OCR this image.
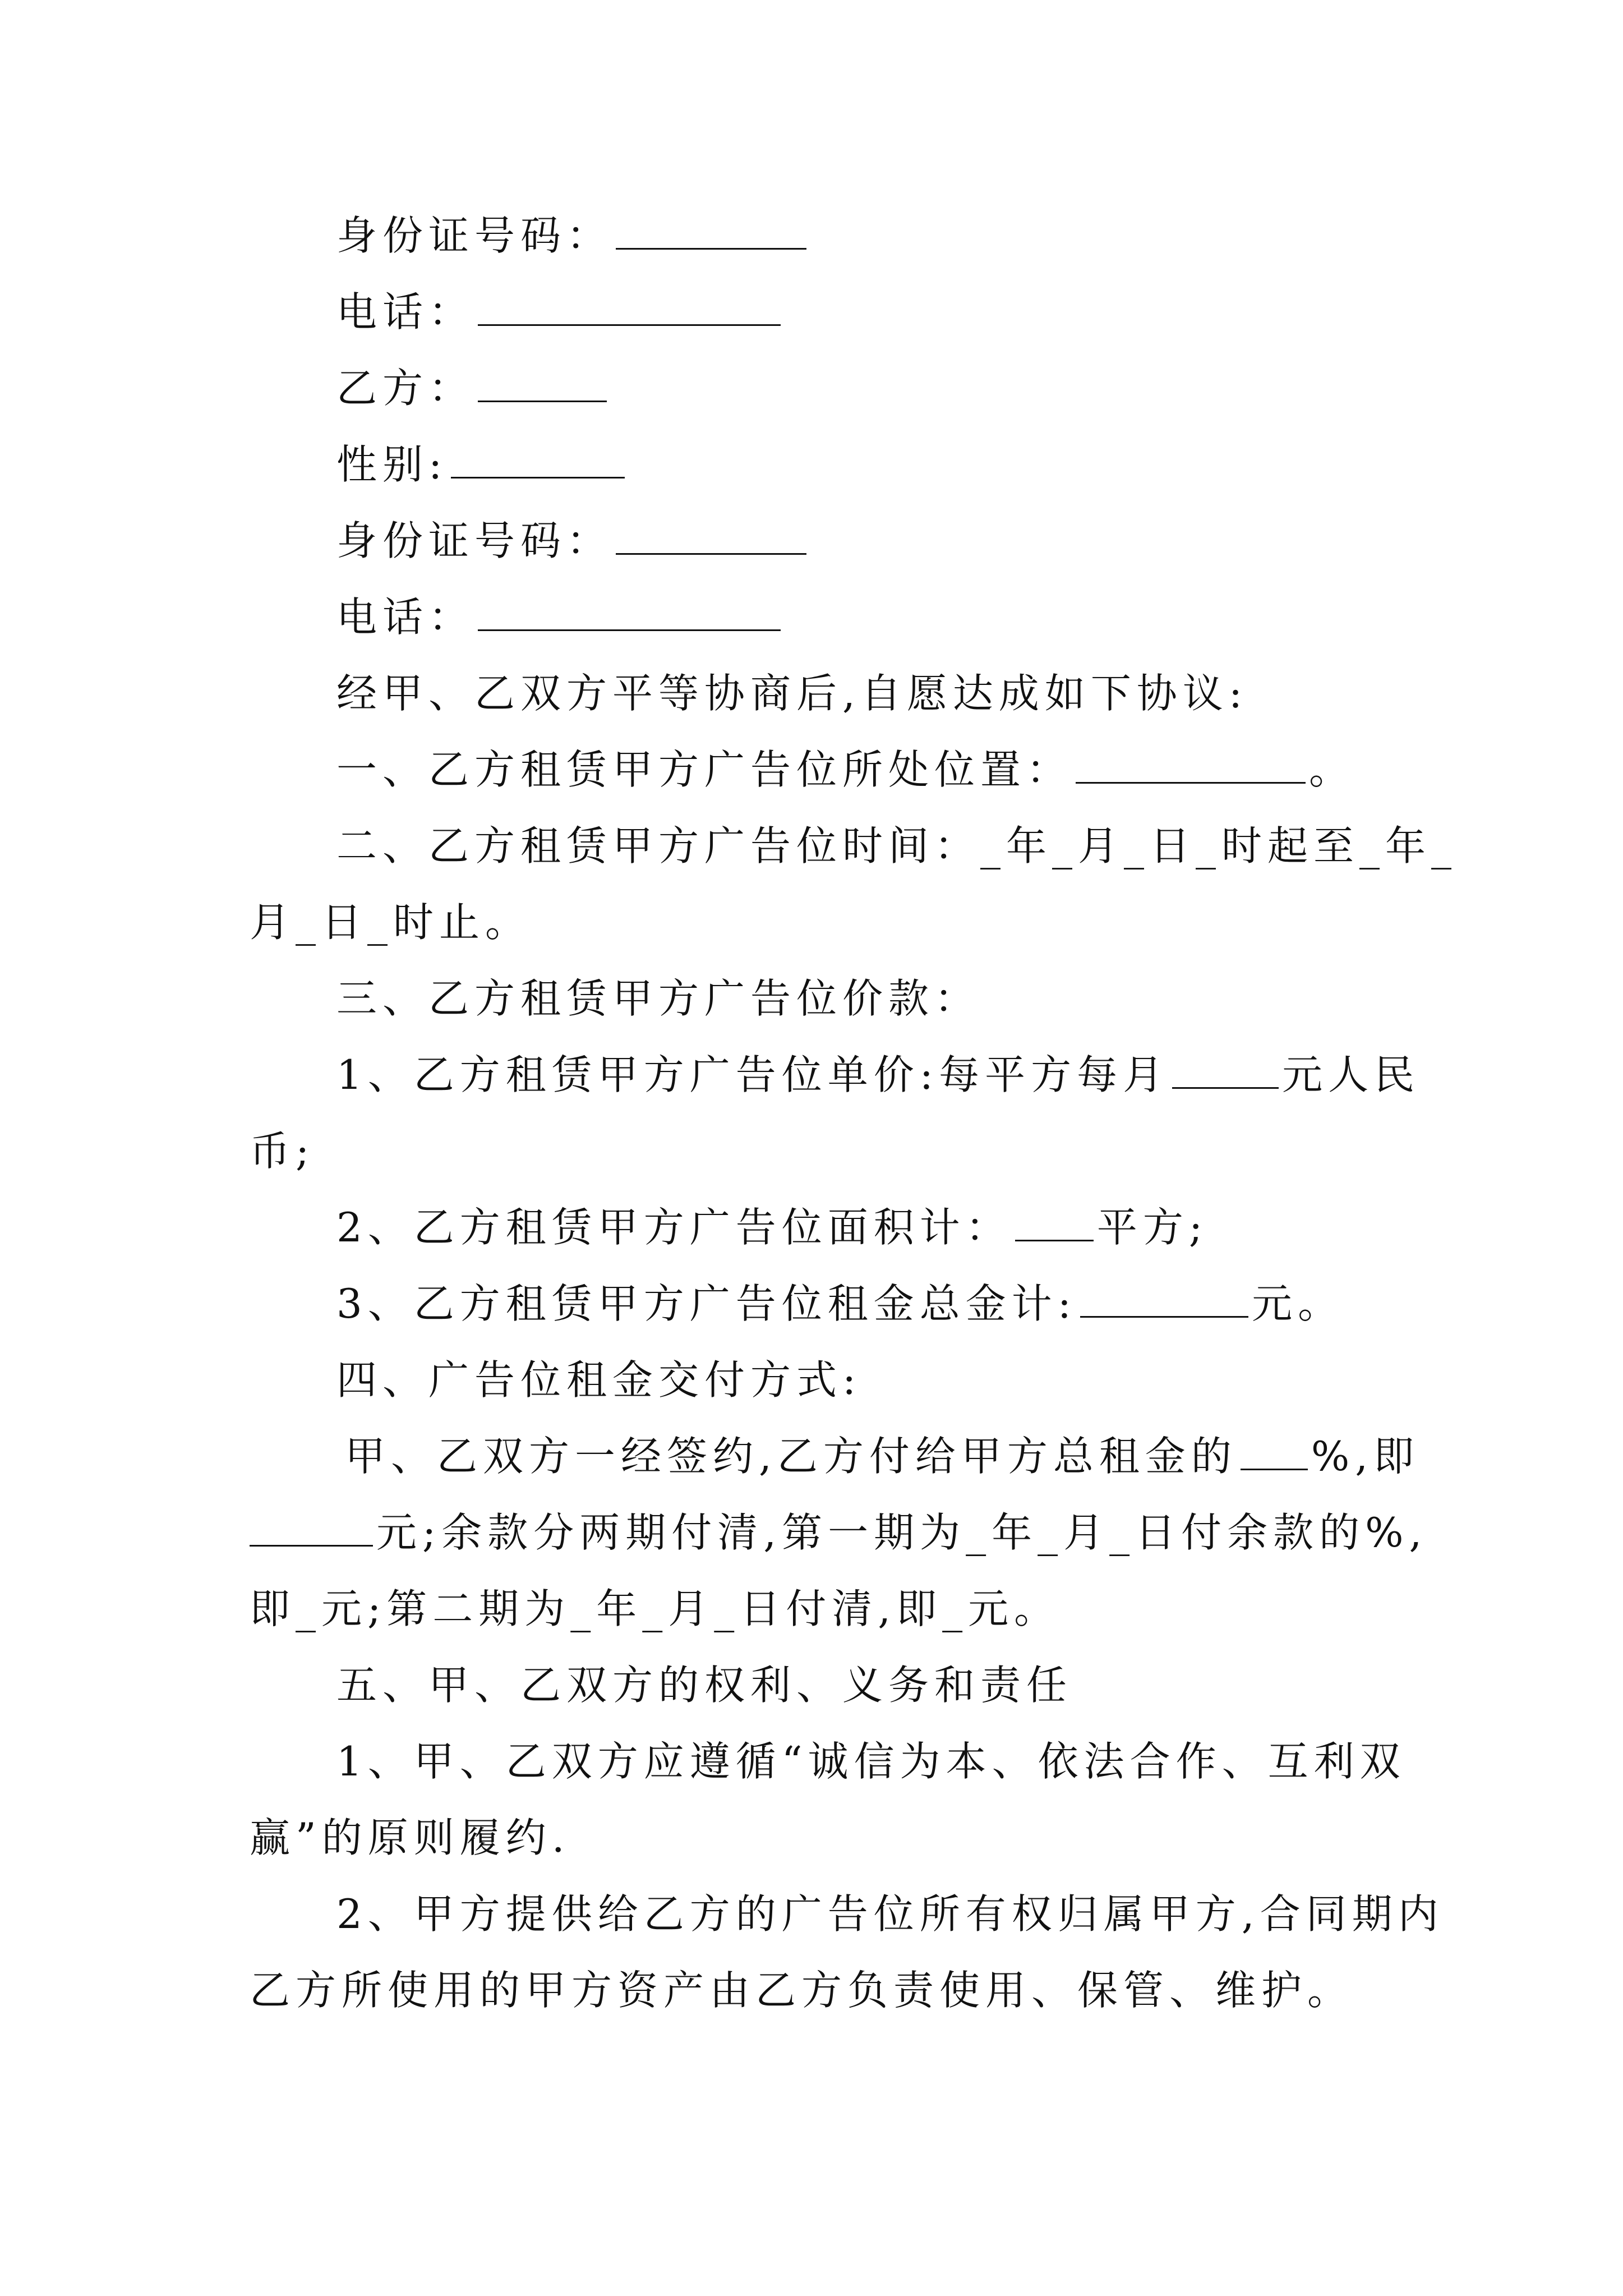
身份证号码：
电话：
乙方：
性别:
身份证号码：
电话：
经甲、乙双方平等协商后,自愿达成如下协议:
一、乙方租赁甲方广告位所处位置：	。
二、乙方租赁甲方广告位时间：_年_月_日_时起至_年_
月_日_时止。
三、乙方租赁甲方广告位价款：
1、乙方租赁甲方广告位单价:每平方每月	元人民
币;
2、乙方租赁甲方广告位面积计： 平方;
3、乙方租赁甲方广告位租金总金计:	元。
四、广告位租金交付方式:
甲、乙双方一经签约,乙方付给甲方总租金的 %,即
元;余款分两期付清,第一期为_年_月_日付余款的%,
即_元;第二期为_年_月_日付清,即_元。
五、甲、乙双方的权利、义务和责任
1、甲、乙双方应遵循“诚信为本、依法合作、互利双
赢”的原则履约.
2、甲方提供给乙方的广告位所有权归属甲方,合同期内
乙方所使用的甲方资产由乙方负责使用、保管、维护。
